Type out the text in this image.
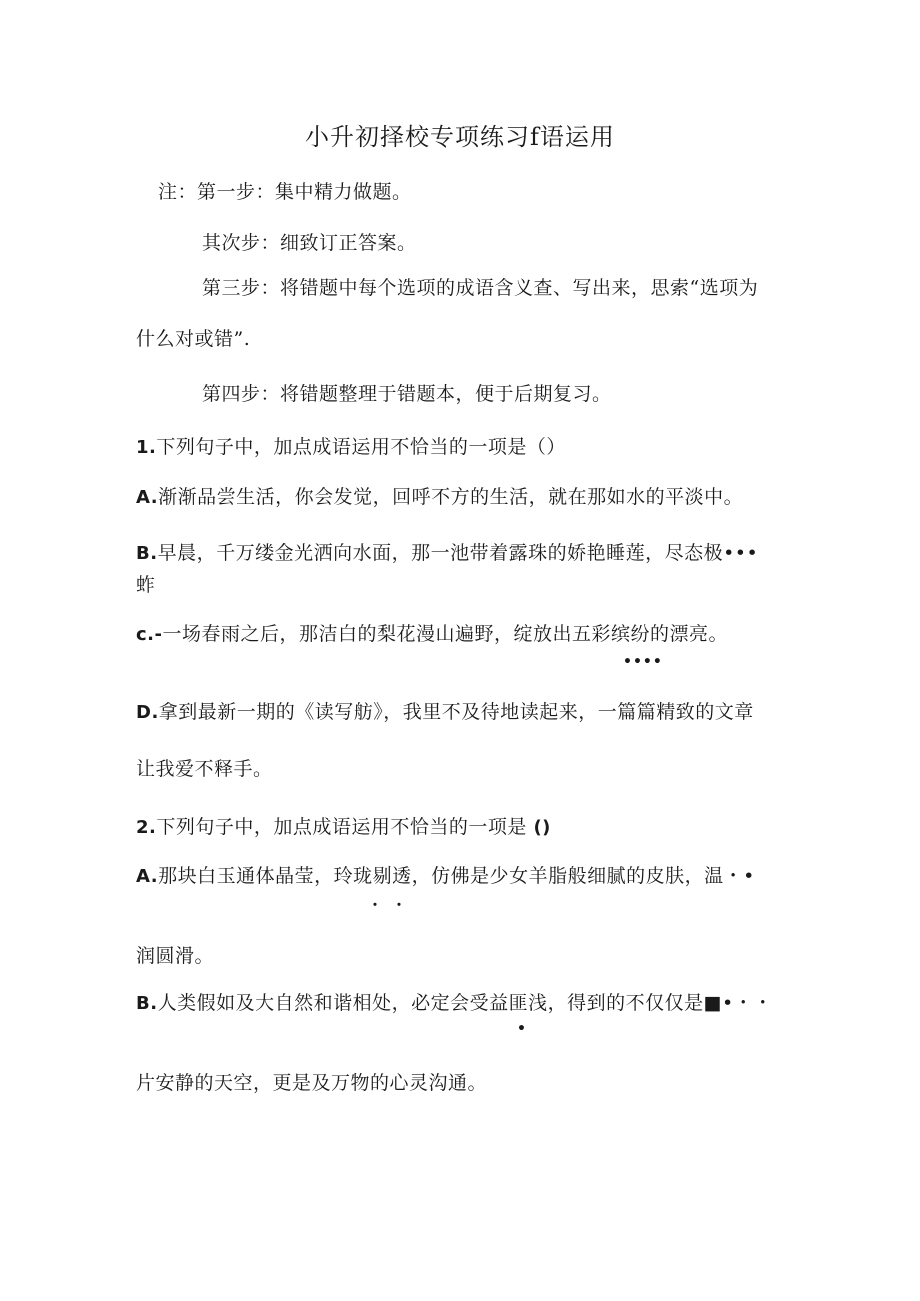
小升初择校专项练习f语运用
注：第一步：集中精力做题。
其次步：细致订正答案。
第三步：将错题中每个选项的成语含义查、写出来，思索“选项为
什么对或错”.
第四步：将错题整理于错题本，便于后期复习。
1.下列句子中，加点成语运用不恰当的一项是（）
A.渐渐品尝生活，你会发觉，回呼不方的生活，就在那如水的平淡中。
B.早晨，千万缕金光洒向水面，那一池带着露珠的娇艳睡莲，尽态极•••
蚱
c.-一场春雨之后，那洁白的梨花漫山遍野，绽放出五彩缤纷的漂亮。
••••
D.拿到最新一期的《读写舫》，我里不及待地读起来，一篇篇精致的文章
让我爱不释手。
2.下列句子中，加点成语运用不恰当的一项是 ()
A.那块白玉通体晶莹，玲珑剔透，仿佛是少女羊脂般细腻的皮肤，温・•
・・
润圆滑。
B.人类假如及大自然和谐相处，必定会受益匪浅，得到的不仅仅是■•・・
•
片安静的天空，更是及万物的心灵沟通。
